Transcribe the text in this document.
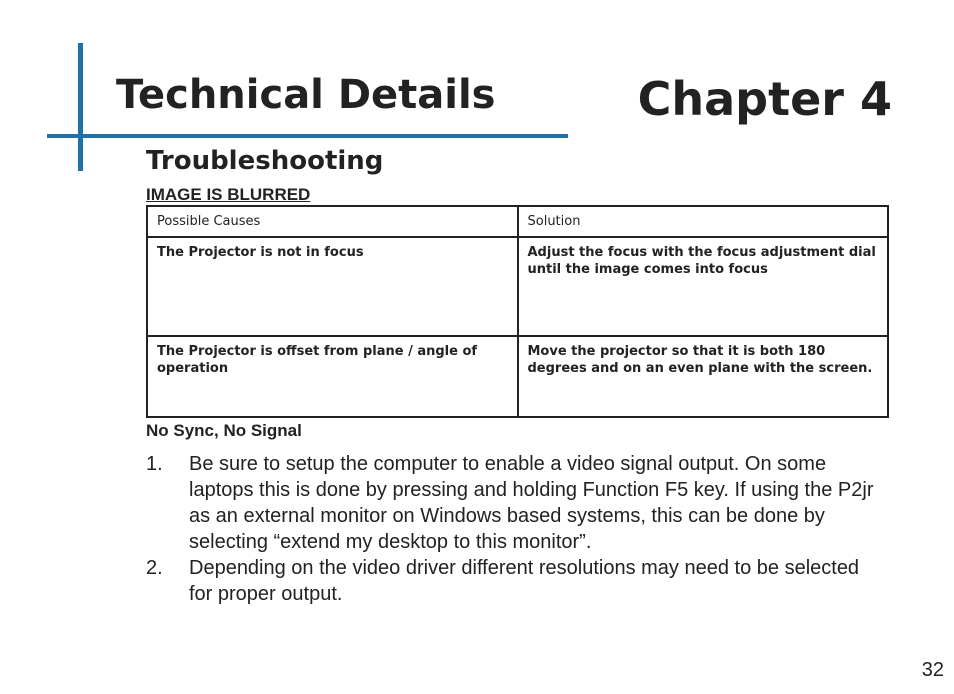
Technical Details	Chapter 4
Troubleshooting

IMAGE IS BLURRED

Possible Causes	Solution
The Projector is not in focus	Adjust the focus with the focus adjustment dial until the image comes into focus
The Projector is offset from plane / angle of operation	Move the projector so that it is both 180 degrees and on an even plane with the screen.

No Sync, No Signal

1.	Be sure to setup the computer to enable a video signal output. On some laptops this is done by pressing and holding Function F5 key. If using the P2jr as an external monitor on Windows based systems, this can be done by selecting “extend my desktop to this monitor”.
2.	Depending on the video driver different resolutions may need to be selected for proper output.
32
